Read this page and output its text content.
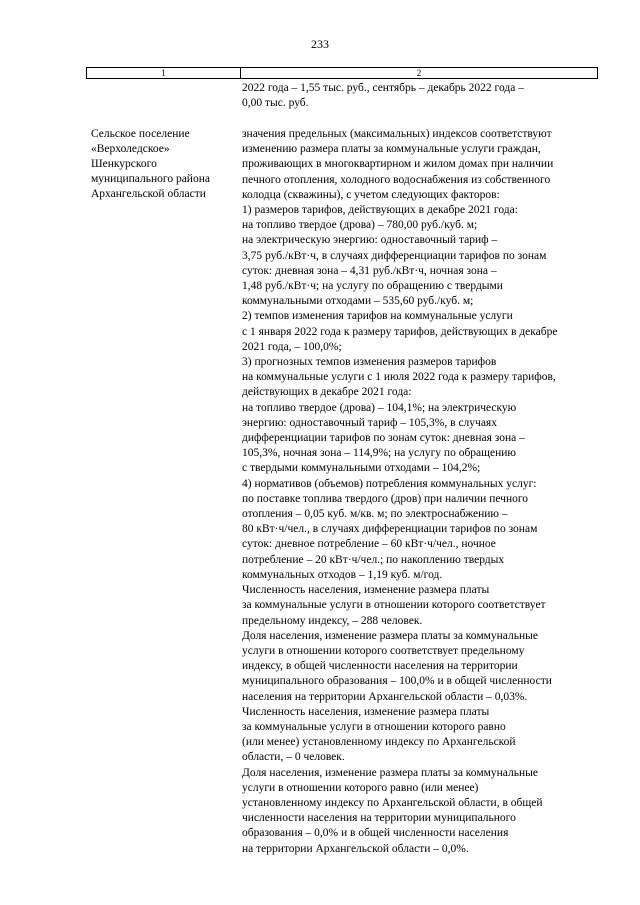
233
1	2
2022 года – 1,55 тыс. руб., сентябрь – декабрь 2022 года –
0,00 тыс. руб.
Сельское поселение
«Верхоледское»
Шенкурского
муниципального района
Архангельской области
значения предельных (максимальных) индексов соответствуют
изменению размера платы за коммунальные услуги граждан,
проживающих в многоквартирном и жилом домах при наличии
печного отопления, холодного водоснабжения из собственного
колодца (скважины), с учетом следующих факторов:
1) размеров тарифов, действующих в декабре 2021 года:
на топливо твердое (дрова) – 780,00 руб./куб. м;
на электрическую энергию: одноставочный тариф –
3,75 руб./кВт·ч, в случаях дифференциации тарифов по зонам
суток: дневная зона – 4,31 руб./кВт·ч, ночная зона –
1,48 руб./кВт·ч; на услугу по обращению с твердыми
коммунальными отходами – 535,60 руб./куб. м;
2) темпов изменения тарифов на коммунальные услуги
с 1 января 2022 года к размеру тарифов, действующих в декабре
2021 года, – 100,0%;
3) прогнозных темпов изменения размеров тарифов
на коммунальные услуги с 1 июля 2022 года к размеру тарифов,
действующих в декабре 2021 года:
на топливо твердое (дрова) – 104,1%; на электрическую
энергию: одноставочный тариф – 105,3%, в случаях
дифференциации тарифов по зонам суток: дневная зона –
105,3%, ночная зона – 114,9%; на услугу по обращению
с твердыми коммунальными отходами – 104,2%;
4) нормативов (объемов) потребления коммунальных услуг:
по поставке топлива твердого (дров) при наличии печного
отопления – 0,05 куб. м/кв. м; по электроснабжению –
80 кВт·ч/чел., в случаях дифференциации тарифов по зонам
суток: дневное потребление – 60 кВт·ч/чел., ночное
потребление – 20 кВт·ч/чел.; по накоплению твердых
коммунальных отходов – 1,19 куб. м/год.
Численность населения, изменение размера платы
за коммунальные услуги в отношении которого соответствует
предельному индексу, – 288 человек.
Доля населения, изменение размера платы за коммунальные
услуги в отношении которого соответствует предельному
индексу, в общей численности населения на территории
муниципального образования – 100,0% и в общей численности
населения на территории Архангельской области – 0,03%.
Численность населения, изменение размера платы
за коммунальные услуги в отношении которого равно
(или менее) установленному индексу по Архангельской
области, – 0 человек.
Доля населения, изменение размера платы за коммунальные
услуги в отношении которого равно (или менее)
установленному индексу по Архангельской области, в общей
численности населения на территории муниципального
образования – 0,0% и в общей численности населения
на территории Архангельской области – 0,0%.
